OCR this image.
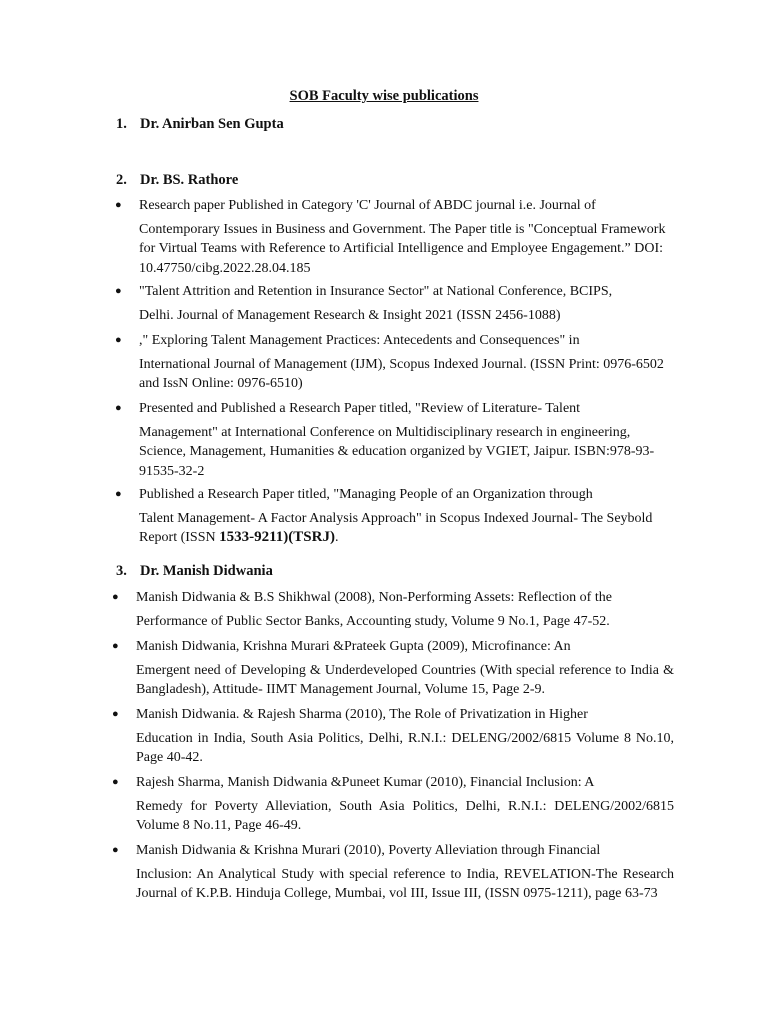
SOB Faculty wise publications
1. Dr. Anirban Sen Gupta
2. Dr. BS. Rathore
● Research paper Published in Category 'C' Journal of ABDC journal i.e. Journal of
Contemporary Issues in Business and Government. The Paper title is "Conceptual Framework for Virtual Teams with Reference to Artificial Intelligence and Employee Engagement.” DOI: 10.47750/cibg.2022.28.04.185
● "Talent Attrition and Retention in Insurance Sector" at National Conference, BCIPS,
Delhi. Journal of Management Research & Insight 2021 (ISSN 2456-1088)
● ," Exploring Talent Management Practices: Antecedents and Consequences" in
International Journal of Management (IJM), Scopus Indexed Journal. (ISSN Print: 0976-6502 and IssN Online: 0976-6510)
● Presented and Published a Research Paper titled, "Review of Literature- Talent
Management" at International Conference on Multidisciplinary research in engineering, Science, Management, Humanities & education organized by VGIET, Jaipur. ISBN:978-93-91535-32-2
● Published a Research Paper titled, "Managing People of an Organization through
Talent Management- A Factor Analysis Approach" in Scopus Indexed Journal- The Seybold Report (ISSN 1533-9211)(TSRJ).
3. Dr. Manish Didwania
● Manish Didwania & B.S Shikhwal (2008), Non-Performing Assets: Reflection of the
Performance of Public Sector Banks, Accounting study, Volume 9 No.1, Page 47-52.
● Manish Didwania, Krishna Murari &Prateek Gupta (2009), Microfinance: An
Emergent need of Developing & Underdeveloped Countries (With special reference to India & Bangladesh), Attitude- IIMT Management Journal, Volume 15, Page 2-9.
● Manish Didwania. & Rajesh Sharma (2010), The Role of Privatization in Higher
Education in India, South Asia Politics, Delhi, R.N.I.: DELENG/2002/6815 Volume 8 No.10, Page 40-42.
● Rajesh Sharma, Manish Didwania &Puneet Kumar (2010), Financial Inclusion: A
Remedy for Poverty Alleviation, South Asia Politics, Delhi, R.N.I.: DELENG/2002/6815 Volume 8 No.11, Page 46-49.
● Manish Didwania & Krishna Murari (2010), Poverty Alleviation through Financial
Inclusion: An Analytical Study with special reference to India, REVELATION-The Research Journal of K.P.B. Hinduja College, Mumbai, vol III, Issue III, (ISSN 0975-1211), page 63-73
